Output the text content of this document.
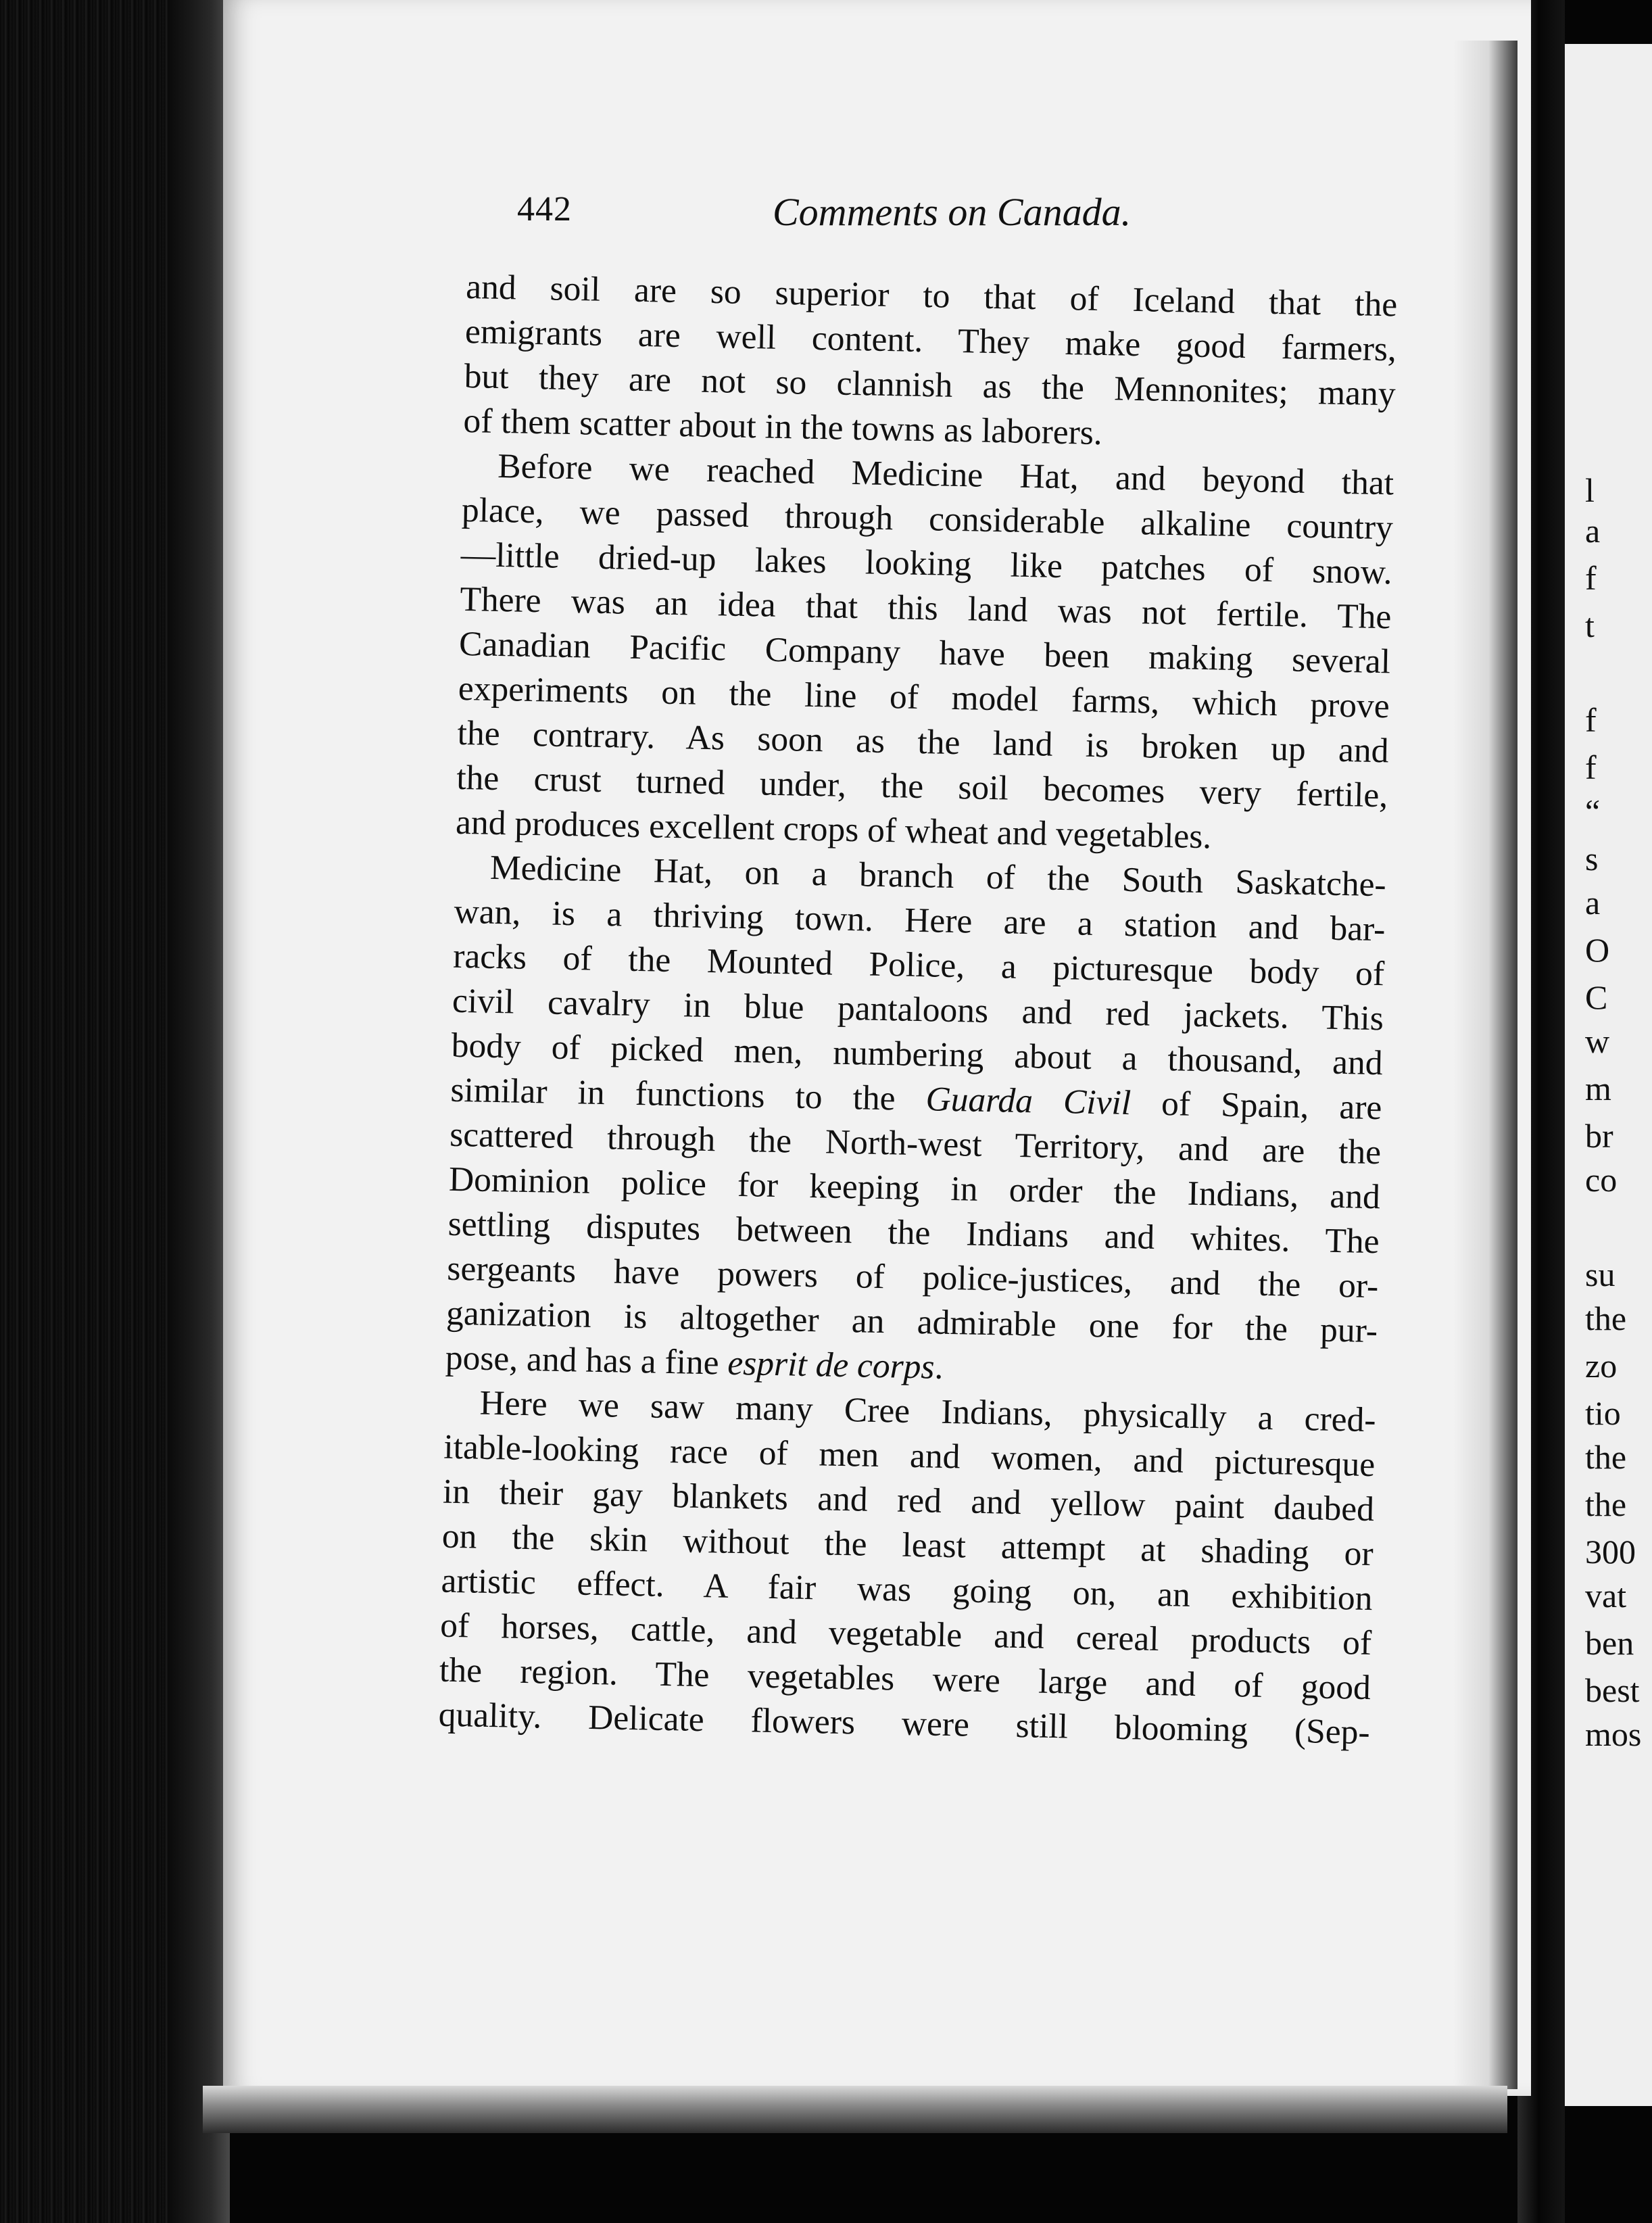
l
a
f
t
f
f
“
s
a
O
C
w
m
br
co
su
the
zo
tio
the
the
300
vat
ben
best
mos
442	Comments on Canada.
and soil are so superior to that of Iceland that the
emigrants are well content. They make good farmers,
but they are not so clannish as the Mennonites; many
of them scatter about in the towns as laborers.
Before we reached Medicine Hat, and beyond that
place, we passed through considerable alkaline country
—little dried-up lakes looking like patches of snow.
There was an idea that this land was not fertile. The
Canadian Pacific Company have been making several
experiments on the line of model farms, which prove
the contrary. As soon as the land is broken up and
the crust turned under, the soil becomes very fertile,
and produces excellent crops of wheat and vegetables.
Medicine Hat, on a branch of the South Saskatche-
wan, is a thriving town. Here are a station and bar-
racks of the Mounted Police, a picturesque body of
civil cavalry in blue pantaloons and red jackets. This
body of picked men, numbering about a thousand, and
similar in functions to the Guarda Civil of Spain, are
scattered through the North-west Territory, and are the
Dominion police for keeping in order the Indians, and
settling disputes between the Indians and whites. The
sergeants have powers of police-justices, and the or-
ganization is altogether an admirable one for the pur-
pose, and has a fine esprit de corps.
Here we saw many Cree Indians, physically a cred-
itable-looking race of men and women, and picturesque
in their gay blankets and red and yellow paint daubed
on the skin without the least attempt at shading or
artistic effect. A fair was going on, an exhibition
of horses, cattle, and vegetable and cereal products of
the region. The vegetables were large and of good
quality. Delicate flowers were still blooming (Sep-
